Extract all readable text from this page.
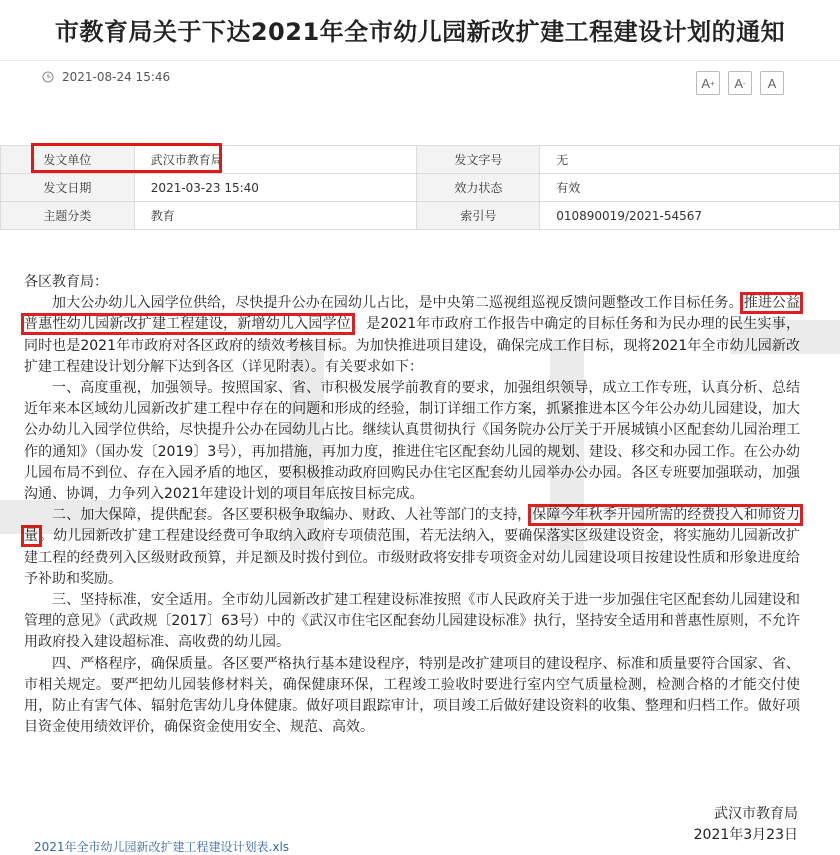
市教育局关于下达2021年全市幼儿园新改扩建工程建设计划的通知
2021-08-24 15:46	A +	A -	A
发文单位	武汉市教育局	发文字号	无
发文日期	2021-03-23 15:40	效力状态	有效
主题分类	教育	索引号	010890019/2021-54567

各区教育局：

加大公办幼儿入园学位供给，尽快提升公办在园幼儿占比，是中央第二巡视组巡视反馈问题整改工作目标任务。推进公益普惠性幼儿园新改扩建工程建设，新增幼儿入园学位，是2021年市政府工作报告中确定的目标任务和为民办理的民生实事，同时也是2021年市政府对各区政府的绩效考核目标。为加快推进项目建设，确保完成工作目标，现将2021年全市幼儿园新改扩建工程建设计划分解下达到各区（详见附表）。有关要求如下：

一、高度重视，加强领导。按照国家、省、市积极发展学前教育的要求，加强组织领导，成立工作专班，认真分析、总结近年来本区域幼儿园新改扩建工程中存在的问题和形成的经验，制订详细工作方案，抓紧推进本区今年公办幼儿园建设，加大公办幼儿入园学位供给，尽快提升公办在园幼儿占比。继续认真贯彻执行《国务院办公厅关于开展城镇小区配套幼儿园治理工作的通知》（国办发〔2019〕3号），再加措施，再加力度，推进住宅区配套幼儿园的规划、建设、移交和办园工作。在公办幼儿园布局不到位、存在入园矛盾的地区，要积极推动政府回购民办住宅区配套幼儿园举办公办园。各区专班要加强联动，加强沟通、协调，力争列入2021年建设计划的项目年底按目标完成。

二、加大保障，提供配套。各区要积极争取编办、财政、人社等部门的支持，保障今年秋季开园所需的经费投入和师资力量。幼儿园新改扩建工程建设经费可争取纳入政府专项债范围，若无法纳入，要确保落实区级建设资金，将实施幼儿园新改扩建工程的经费列入区级财政预算，并足额及时拨付到位。市级财政将安排专项资金对幼儿园建设项目按建设性质和形象进度给予补助和奖励。

三、坚持标准，安全适用。全市幼儿园新改扩建工程建设标准按照《市人民政府关于进一步加强住宅区配套幼儿园建设和管理的意见》（武政规〔2017〕63号）中的《武汉市住宅区配套幼儿园建设标准》执行，坚持安全适用和普惠性原则，不允许用政府投入建设超标准、高收费的幼儿园。

四、严格程序，确保质量。各区要严格执行基本建设程序，特别是改扩建项目的建设程序、标准和质量要符合国家、省、市相关规定。要严把幼儿园装修材料关，确保健康环保，工程竣工验收时要进行室内空气质量检测，检测合格的才能交付使用，防止有害气体、辐射危害幼儿身体健康。做好项目跟踪审计，项目竣工后做好建设资料的收集、整理和归档工作。做好项目资金使用绩效评价，确保资金使用安全、规范、高效。

武汉市教育局
2021年3月23日
2021年全市幼儿园新改扩建工程建设计划表.xls
